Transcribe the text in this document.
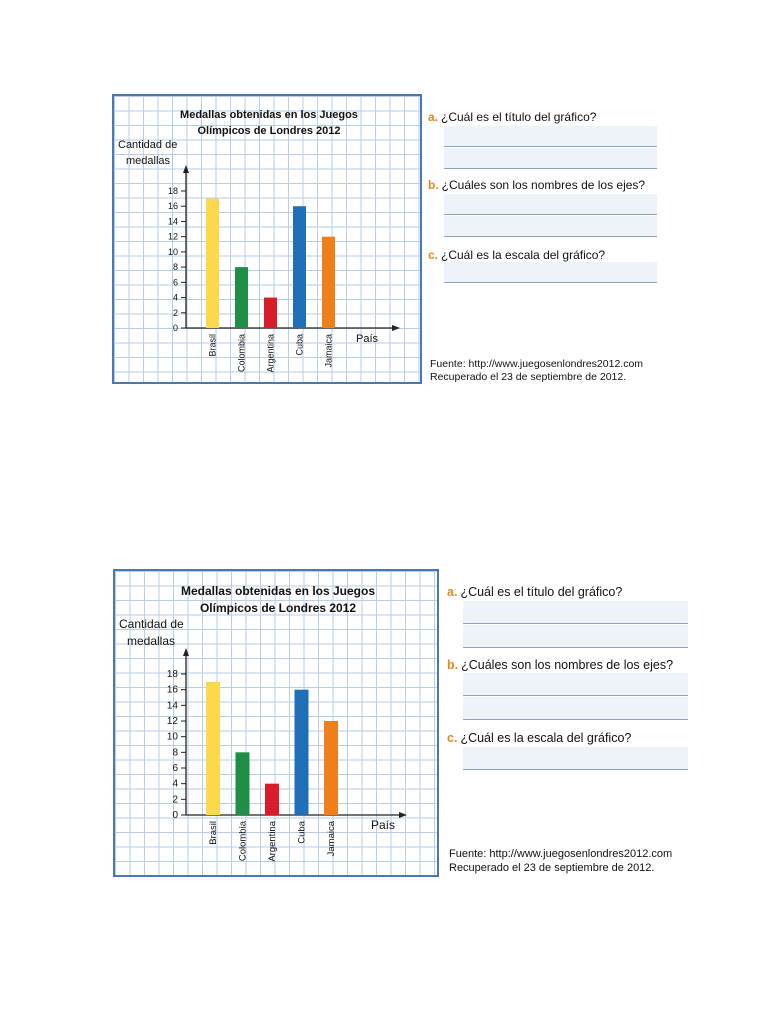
Medallas obtenidas en los Juegos
Olímpicos de Londres 2012
Cantidad de
medallas
País
0
2
4
6
8
10
12
14
16
18
Brasil Colombia Argentina Cuba Jamaica
a. ¿Cuál es el título del gráfico?
b. ¿Cuáles son los nombres de los ejes?
c. ¿Cuál es la escala del gráfico?
Fuente: http://www.juegosenlondres2012.com
Recuperado el 23 de septiembre de 2012.
Medallas obtenidas en los Juegos
Olímpicos de Londres 2012
Cantidad de
medallas
País
0
2
4
6
8
10
12
14
16
18
Brasil Colombia Argentina Cuba Jamaica
a. ¿Cuál es el título del gráfico?
b. ¿Cuáles son los nombres de los ejes?
c. ¿Cuál es la escala del gráfico?
Fuente: http://www.juegosenlondres2012.com
Recuperado el 23 de septiembre de 2012.
